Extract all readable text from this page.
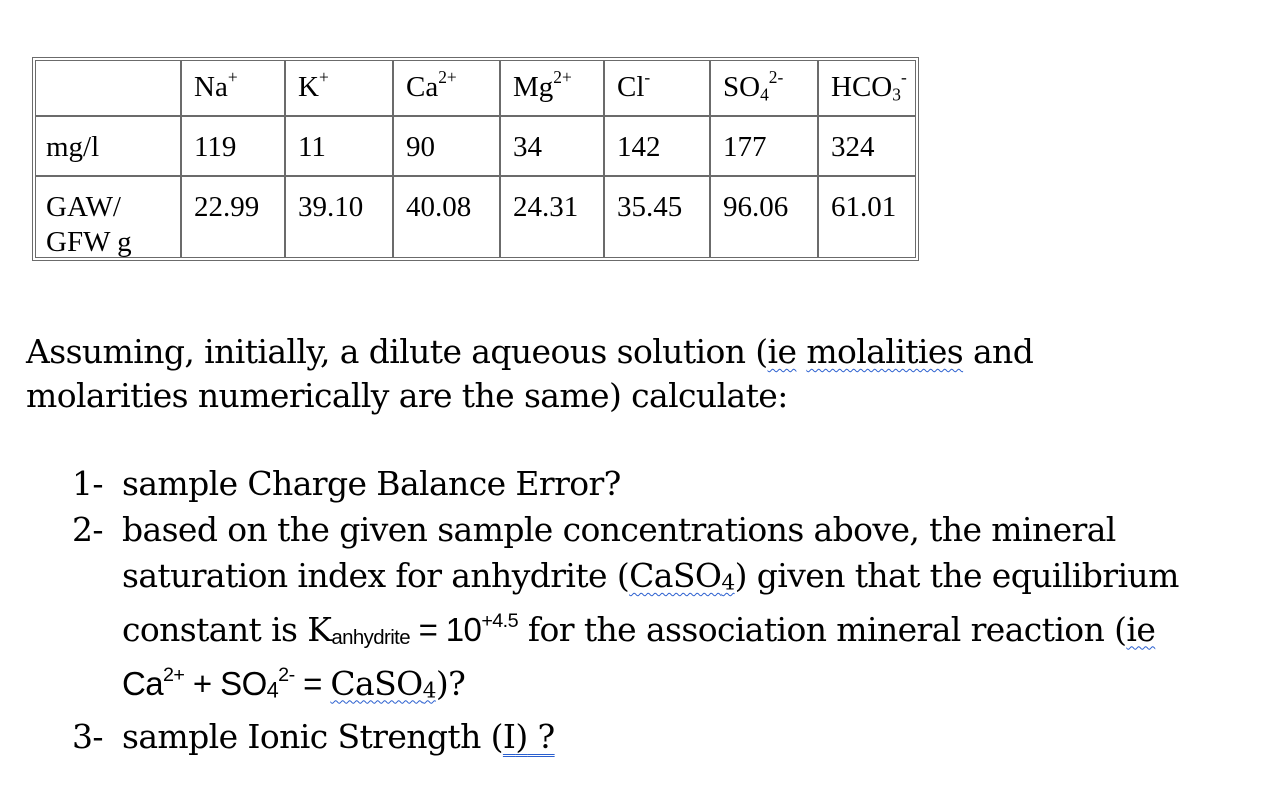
	Na+	K+	$Ca^{2+}$	$Mg^{2+}$	Cl-	$SO_4^{2-}$	$HCO_3^-$
mg/l	119	11	90	34	142	177	324
GAW/
GFW g	22.99	39.10	40.08	24.31	35.45	96.06	61.01
Assuming, initially, a dilute aqueous solution (ie molalities and
molarities numerically are the same) calculate:
1- sample Charge Balance Error?
2- based on the given sample concentrations above, the mineral
saturation index for anhydrite (CaSO4) given that the equilibrium
constant is Kanhydrite = $10^{+4.5}$ for the association mineral reaction (ie
$Ca^{2+} + SO4^{2-}$ = CaSO4)?
3- sample Ionic Strength (I) ?
